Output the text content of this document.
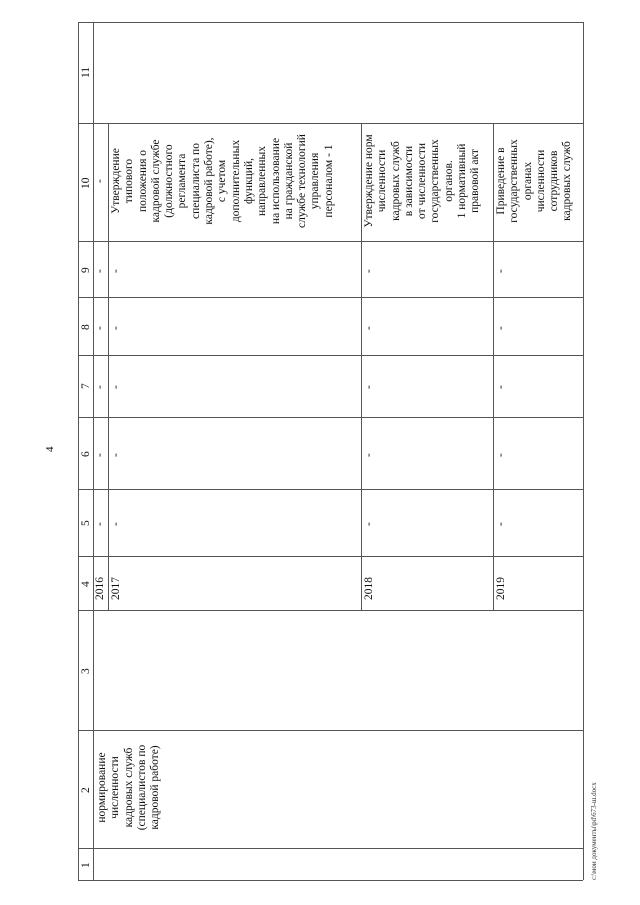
4
1
2
3
4
5
6
7
8
9
10
11
2016
-
-
-
-
-
-
нормирование численности кадровых служб (специалистов по кадровой работе)
2017
-
-
-
-
-
Утверждение типового положения о кадровой службе (должностного регламента специалиста по кадровой работе), с учетом дополнительных функций, направленных на использование на гражданской службе технологий управления персоналом - 1
2018
-
-
-
-
-
Утверждение норм численности кадровых служб в зависимости от численности государственных органов. 1 нормативный правовой акт
2019
-
-
-
-
-
Приведение в государственных органах численности сотрудников кадровых служб
c:\мои документы\pd\673-ш.docx
